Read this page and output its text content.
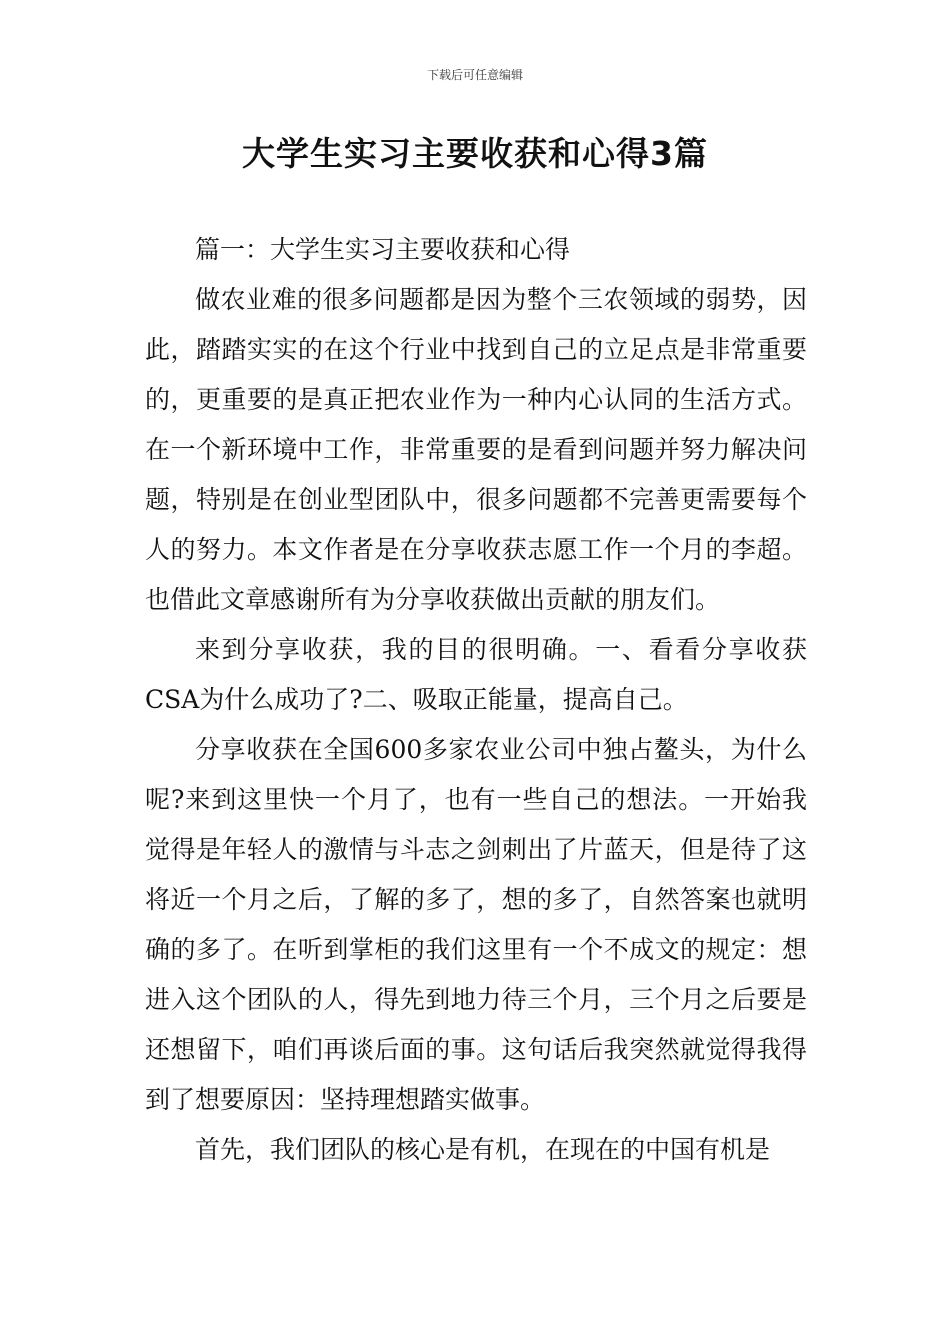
下载后可任意编辑
大学生实习主要收获和心得3篇

篇一：大学生实习主要收获和心得

做农业难的很多问题都是因为整个三农领域的弱势，因此，踏踏实实的在这个行业中找到自己的立足点是非常重要的，更重要的是真正把农业作为一种内心认同的生活方式。在一个新环境中工作，非常重要的是看到问题并努力解决问题，特别是在创业型团队中，很多问题都不完善更需要每个人的努力。本文作者是在分享收获志愿工作一个月的李超。也借此文章感谢所有为分享收获做出贡献的朋友们。

来到分享收获，我的目的很明确。一、看看分享收获CSA为什么成功了?二、吸取正能量，提高自己。

分享收获在全国600多家农业公司中独占鳌头，为什么呢?来到这里快一个月了，也有一些自己的想法。一开始我觉得是年轻人的激情与斗志之剑刺出了片蓝天，但是待了这将近一个月之后，了解的多了，想的多了，自然答案也就明确的多了。在听到掌柜的我们这里有一个不成文的规定：想进入这个团队的人，得先到地力待三个月，三个月之后要是还想留下，咱们再谈后面的事。这句话后我突然就觉得我得到了想要原因：坚持理想踏实做事。

首先，我们团队的核心是有机，在现在的中国有机是
